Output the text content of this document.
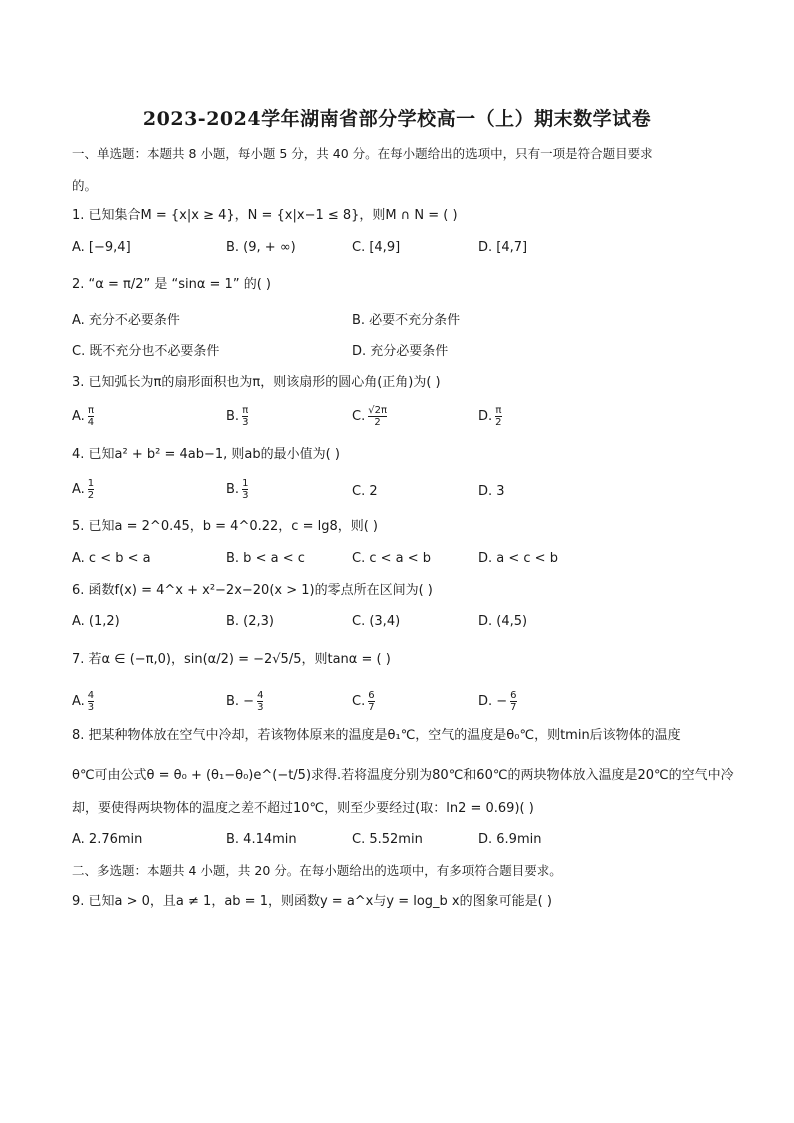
2023-2024学年湖南省部分学校高一（上）期末数学试卷
一、单选题：本题共 8 小题，每小题 5 分，共 40 分。在每小题给出的选项中，只有一项是符合题目要求
的。
1. 已知集合M = {x|x ≥ 4}，N = {x|x−1 ≤ 8}，则M ∩ N = ( )
A. [−9,4]	B. (9, + ∞)	C. [4,9]	D. [4,7]
2. “α = π/2” 是 “sinα = 1” 的( )
A. 充分不必要条件	B. 必要不充分条件
C. 既不充分也不必要条件	D. 充分必要条件
3. 已知弧长为π的扇形面积也为π，则该扇形的圆心角(正角)为( )
A. $\frac{\pi}{4}$	B. $\frac{\pi}{3}$	C. $\frac{√2\pi}{2}$	D. $\frac{\pi}{2}$
4. 已知a² + b² = 4ab−1, 则ab的最小值为( )
A. $\frac{1}{2}$	B. $\frac{1}{3}$	C. 2	D. 3
5. 已知a = 2^0.45，b = 4^0.22，c = lg8，则( )
A. c < b < a	B. b < a < c	C. c < a < b	D. a < c < b
6. 函数f(x) = 4^x + x²−2x−20(x > 1)的零点所在区间为( )
A. (1,2)	B. (2,3)	C. (3,4)	D. (4,5)
7. 若α ∈ (−π,0)，sin(α/2) = −2√5/5，则tanα = ( )
A. $\frac{4}{3}$	B. − $\frac{4}{3}$	C. $\frac{6}{7}$	D. − $\frac{6}{7}$
8. 把某种物体放在空气中冷却，若该物体原来的温度是θ₁℃，空气的温度是θ₀℃，则tmin后该物体的温度
θ℃可由公式θ = θ₀ + (θ₁−θ₀)e^(−t/5)求得.若将温度分别为80℃和60℃的两块物体放入温度是20℃的空气中冷
却，要使得两块物体的温度之差不超过10℃，则至少要经过(取：ln2 = 0.69)( )
A. 2.76min	B. 4.14min	C. 5.52min	D. 6.9min
二、多选题：本题共 4 小题，共 20 分。在每小题给出的选项中，有多项符合题目要求。
9. 已知a > 0，且a ≠ 1，ab = 1，则函数y = a^x与y = log_b x的图象可能是( )
